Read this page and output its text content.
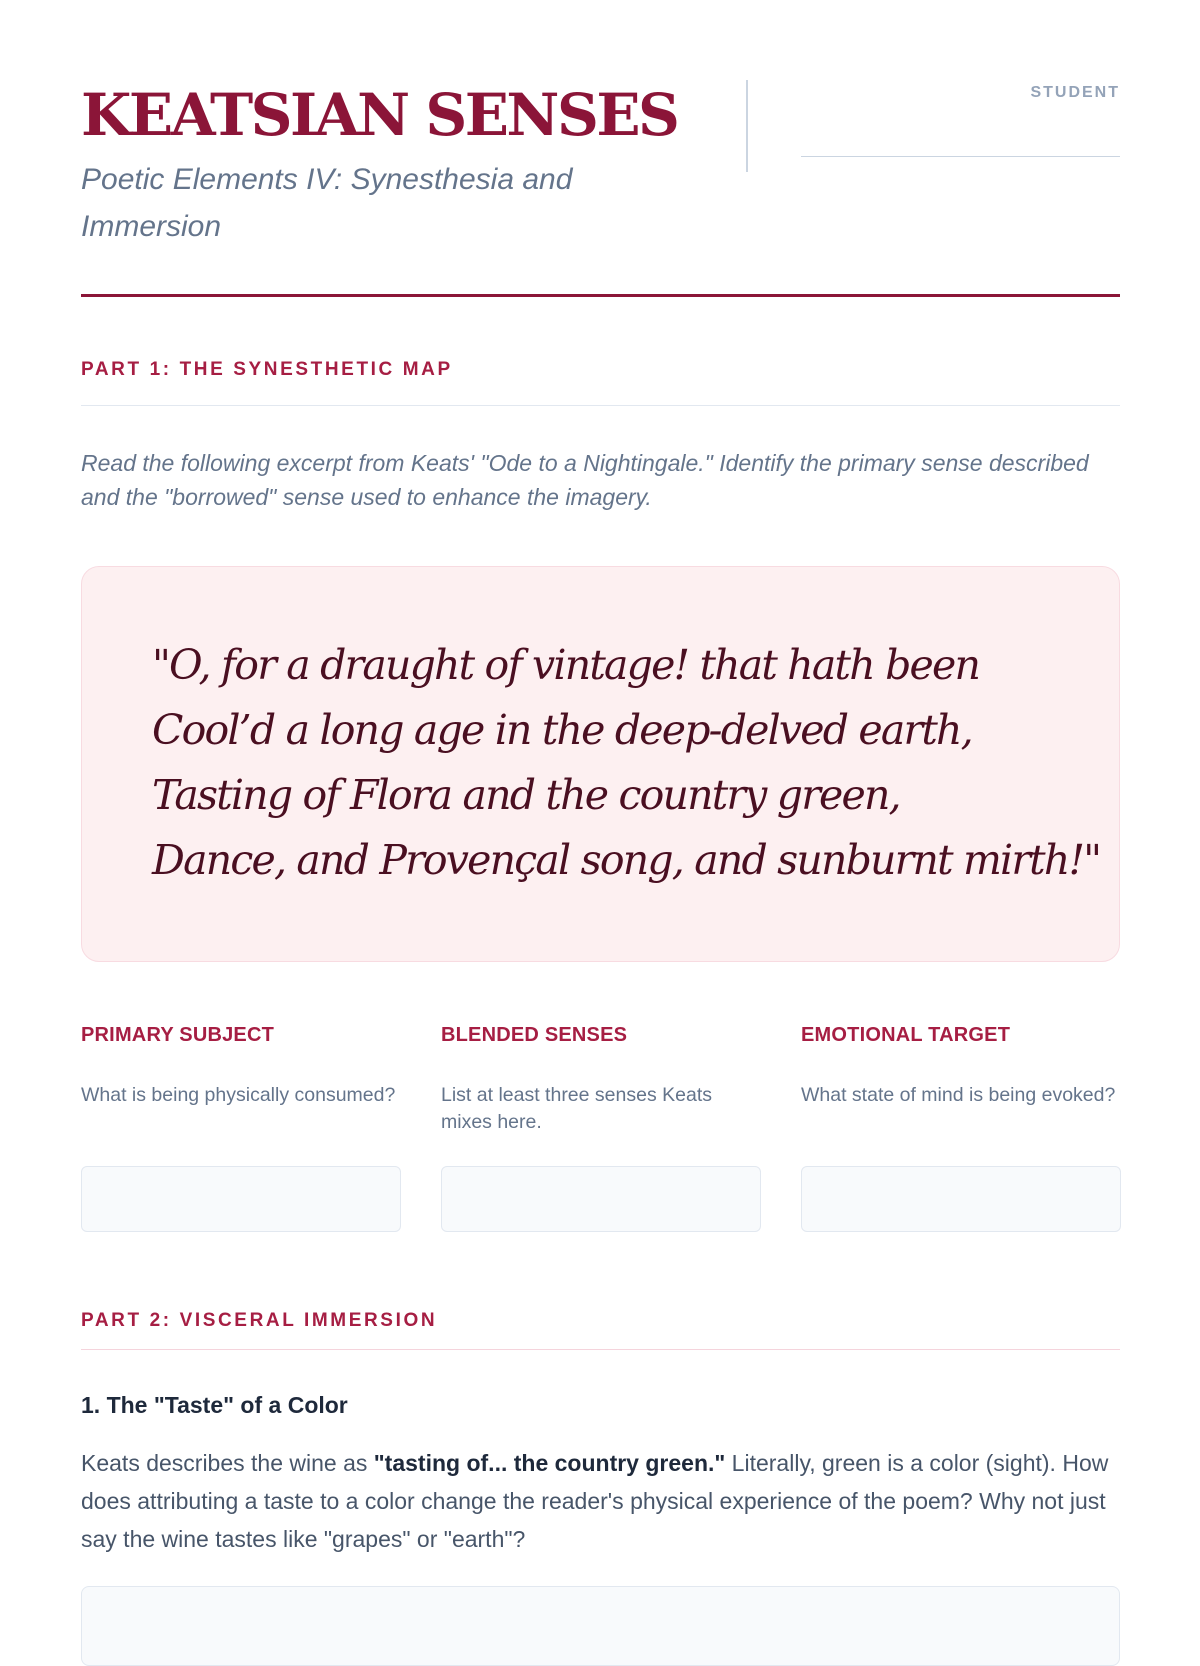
KEATSIAN SENSES

Poetic Elements IV: Synesthesia and Immersion

STUDENT
PART 1: THE SYNESTHETIC MAP

Read the following excerpt from Keats' "Ode to a Nightingale." Identify the primary sense described and the "borrowed" sense used to enhance the imagery.

"O, for a draught of vintage! that hath been
Cool’d a long age in the deep-delved earth,
Tasting of Flora and the country green,
Dance, and Provençal song, and sunburnt mirth!"
PRIMARY SUBJECT
What is being physically consumed?
BLENDED SENSES
List at least three senses Keats mixes here.
EMOTIONAL TARGET
What state of mind is being evoked?
PART 2: VISCERAL IMMERSION
1. The "Taste" of a Color

Keats describes the wine as "tasting of... the country green." Literally, green is a color (sight). How does attributing a taste to a color change the reader's physical experience of the poem? Why not just say the wine tastes like "grapes" or "earth"?
